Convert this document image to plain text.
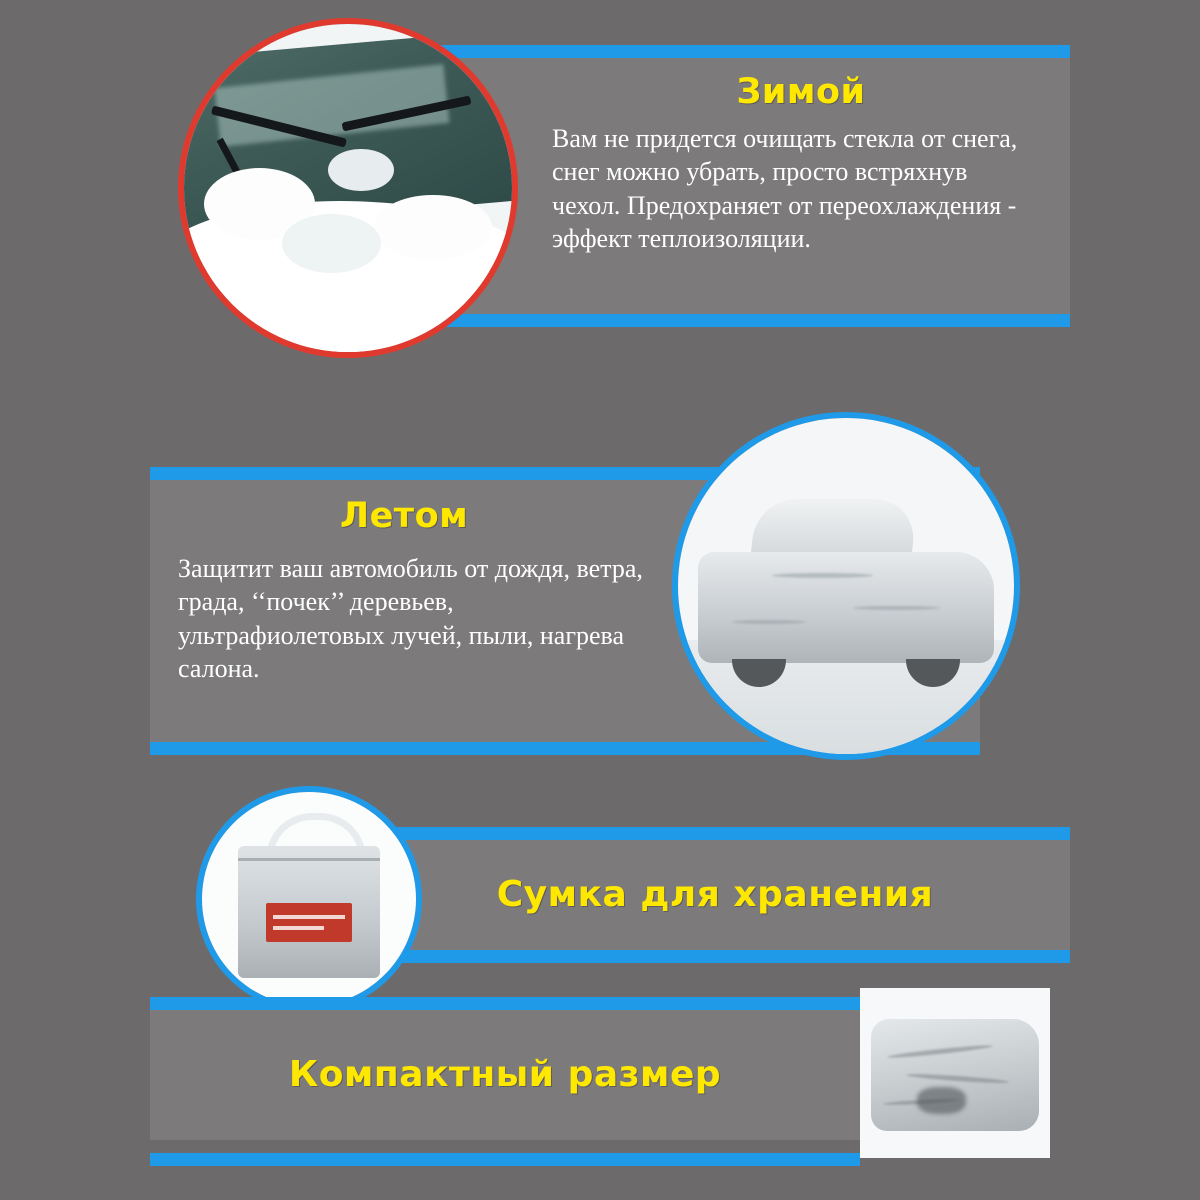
Зимой
Вам не придется очищать стекла от снега, снег можно убрать, просто встряхнув чехол. Предохраняет от переохлаждения - эффект теплоизоляции.
Летом
Защитит ваш автомобиль от дождя, ветра, града, ‘‘почек’’ деревьев, ультрафиолетовых лучей, пыли, нагрева салона.
Сумка для хранения
Компактный размер
